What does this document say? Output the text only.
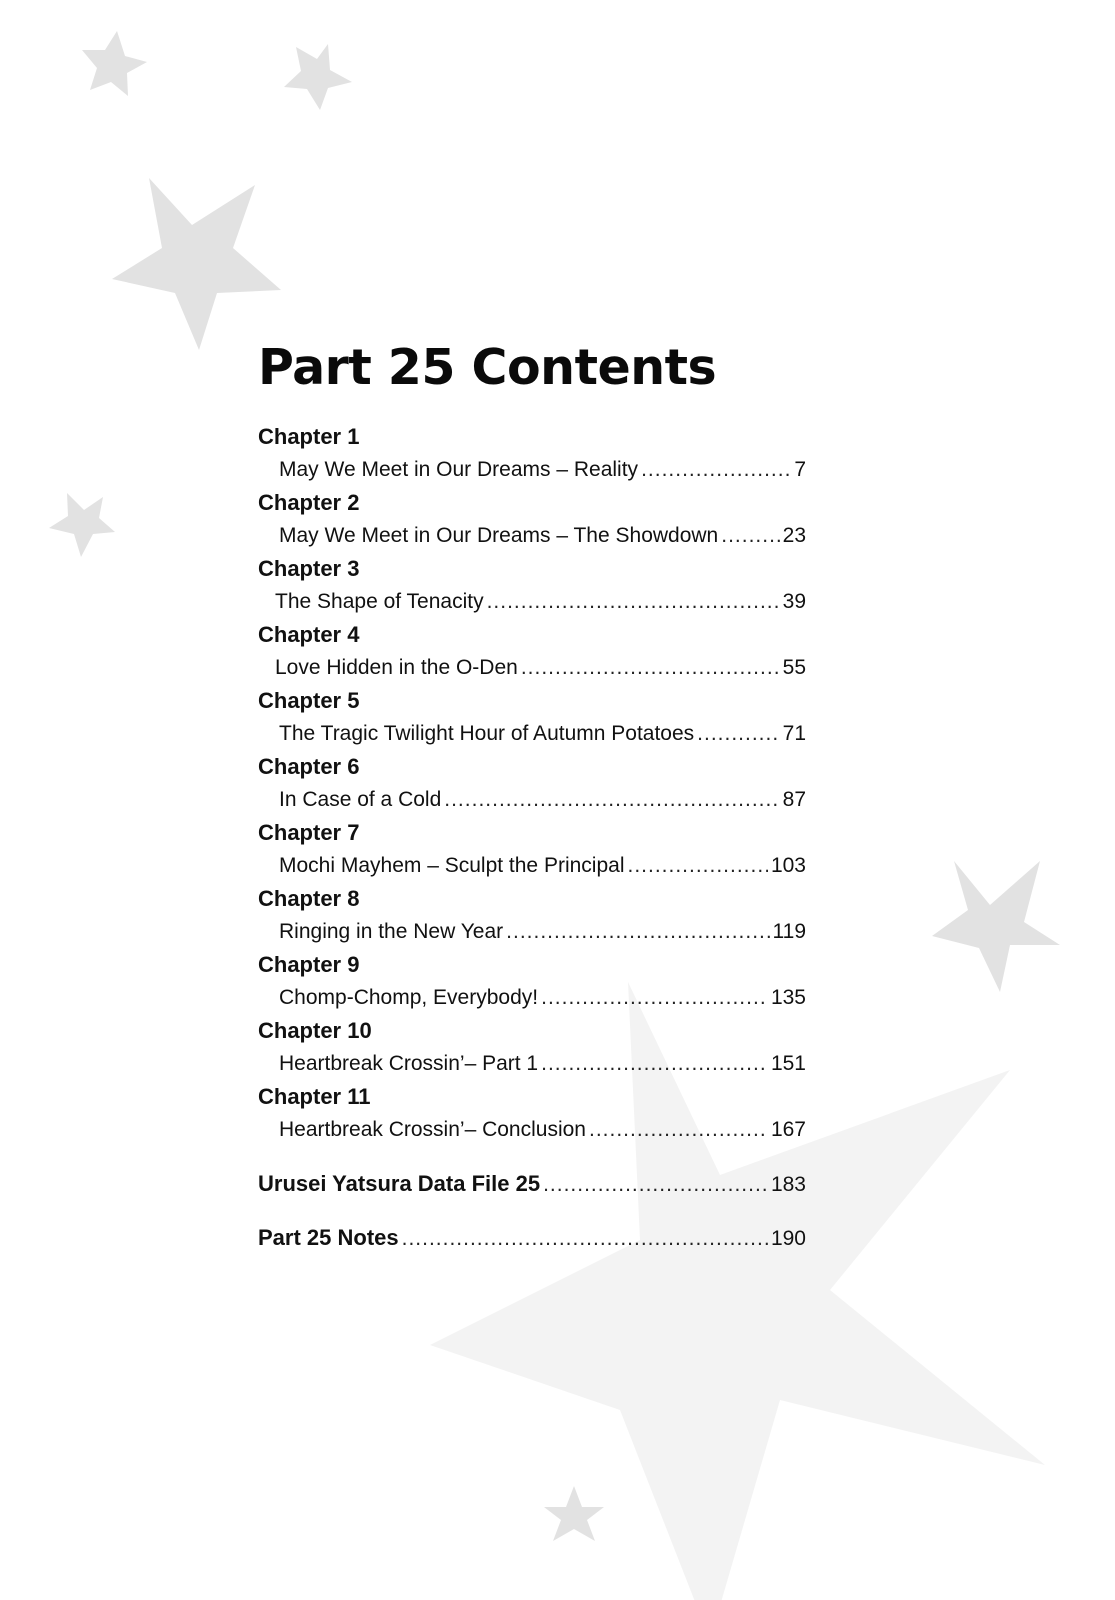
Part 25 Contents
Chapter 1
May We Meet in Our Dreams – Reality .....	7
Chapter 2
May We Meet in Our Dreams – The Showdown .....	23
Chapter 3
The Shape of Tenacity .....	39
Chapter 4
Love Hidden in the O-Den .....	55
Chapter 5
The Tragic Twilight Hour of Autumn Potatoes .....	71
Chapter 6
In Case of a Cold .....	87
Chapter 7
Mochi Mayhem – Sculpt the Principal .....	103
Chapter 8
Ringing in the New Year .....	119
Chapter 9
Chomp-Chomp, Everybody! .....	135
Chapter 10
Heartbreak Crossin’– Part 1 .....	151
Chapter 11
Heartbreak Crossin’– Conclusion .....	167
Urusei Yatsura Data File 25 .....	183
Part 25 Notes .....	190
